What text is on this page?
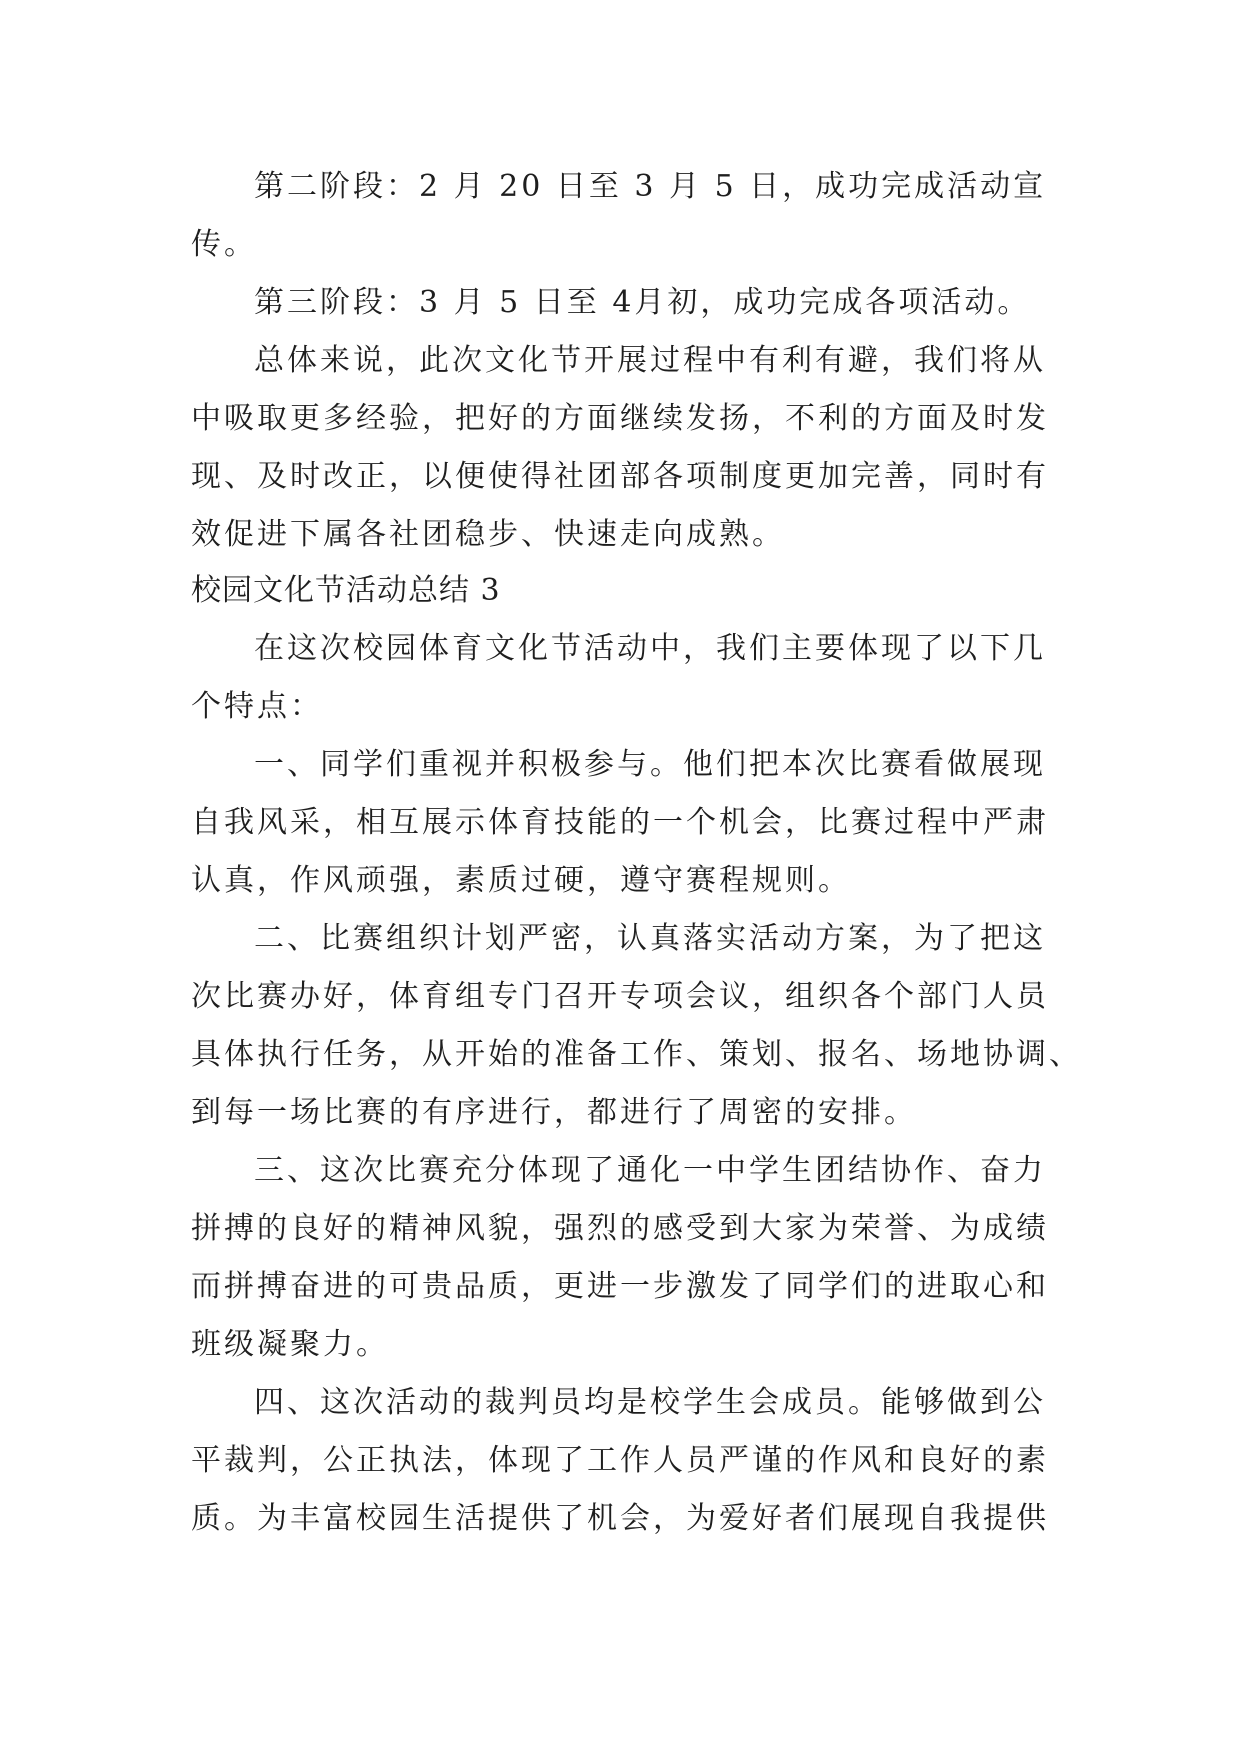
第二阶段：2 月 20 日至 3 月 5 日，成功完成活动宣
传。
第三阶段：3 月 5 日至 4月初，成功完成各项活动。
总体来说，此次文化节开展过程中有利有避，我们将从
中吸取更多经验，把好的方面继续发扬，不利的方面及时发
现、及时改正，以便使得社团部各项制度更加完善，同时有
效促进下属各社团稳步、快速走向成熟。
校园文化节活动总结 3
在这次校园体育文化节活动中，我们主要体现了以下几
个特点：
一、同学们重视并积极参与。他们把本次比赛看做展现
自我风采，相互展示体育技能的一个机会，比赛过程中严肃
认真，作风顽强，素质过硬，遵守赛程规则。
二、比赛组织计划严密，认真落实活动方案，为了把这
次比赛办好，体育组专门召开专项会议，组织各个部门人员
具体执行任务，从开始的准备工作、策划、报名、场地协调、
到每一场比赛的有序进行，都进行了周密的安排。
三、这次比赛充分体现了通化一中学生团结协作、奋力
拼搏的良好的精神风貌，强烈的感受到大家为荣誉、为成绩
而拼搏奋进的可贵品质，更进一步激发了同学们的进取心和
班级凝聚力。
四、这次活动的裁判员均是校学生会成员。能够做到公
平裁判，公正执法，体现了工作人员严谨的作风和良好的素
质。为丰富校园生活提供了机会，为爱好者们展现自我提供
